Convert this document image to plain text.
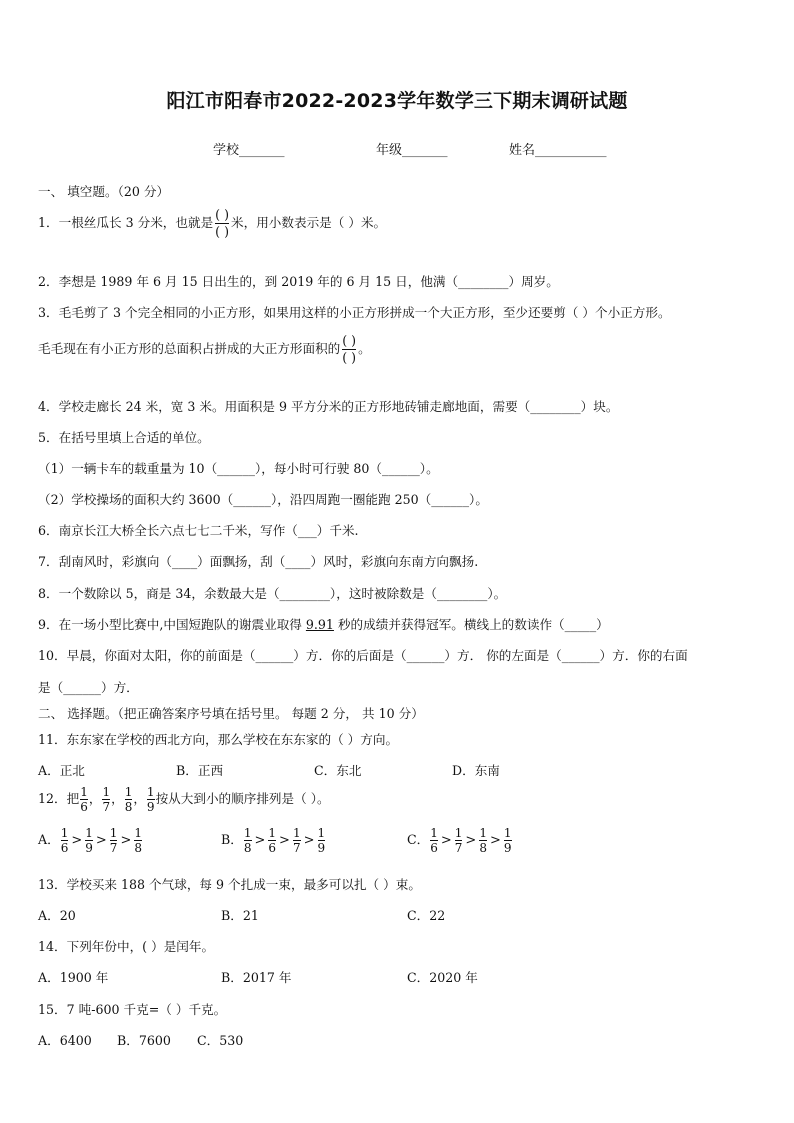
阳江市阳春市2022-2023学年数学三下期末调研试题
学校_______	年级_______	姓名___________
一、 填空题。（20 分）
1．一根丝瓜长 3 分米，也就是 $\frac{( )}{( )}$ 米，用小数表示是（ ）米。
2．李想是 1989 年 6 月 15 日出生的，到 2019 年的 6 月 15 日，他满（________）周岁。
3．毛毛剪了 3 个完全相同的小正方形，如果用这样的小正方形拼成一个大正方形，至少还要剪（ ）个小正方形。
毛毛现在有小正方形的总面积占拼成的大正方形面积的 $\frac{( )}{( )}$ 。
4．学校走廊长 24 米，宽 3 米。用面积是 9 平方分米的正方形地砖铺走廊地面，需要（________）块。
5．在括号里填上合适的单位。
（1）一辆卡车的载重量为 10（______），每小时可行驶 80（______）。
（2）学校操场的面积大约 3600（______），沿四周跑一圈能跑 250（______）。
6．南京长江大桥全长六点七七二千米，写作（___）千米.
7．刮南风时，彩旗向（____）面飘扬，刮（____）风时，彩旗向东南方向飘扬.
8．一个数除以 5，商是 34，余数最大是（________），这时被除数是（________）。
9．在一场小型比赛中,中国短跑队的谢震业取得 9.91 秒的成绩并获得冠军。横线上的数读作（_____）
10．早晨，你面对太阳，你的前面是（______）方．你的后面是（______）方． 你的左面是（______）方．你的右面
是（______）方．
二、 选择题。（把正确答案序号填在括号里。 每题 2 分， 共 10 分）
11．东东家在学校的西北方向，那么学校在东东家的（ ）方向。
A．正北	B．正西	C．东北	D．东南
12．把 $\frac{1}{6}$ ， $\frac{1}{7}$ ， $\frac{1}{8}$ ， $\frac{1}{9}$ 按从大到小的顺序排列是（ ）。
A． $\frac{1}{6} > \frac{1}{9} > \frac{1}{7} > \frac{1}{8}$	B． $\frac{1}{8} > \frac{1}{6} > \frac{1}{7} > \frac{1}{9}$	C． $\frac{1}{6} > \frac{1}{7} > \frac{1}{8} > \frac{1}{9}$
13．学校买来 188 个气球，每 9 个扎成一束，最多可以扎（ ）束。
A．20	B．21	C．22
14．下列年份中，( ）是闰年。
A．1900 年	B．2017 年	C．2020 年
15．7 吨-600 千克=（ ）千克。
A．6400 B．7600 C．530
